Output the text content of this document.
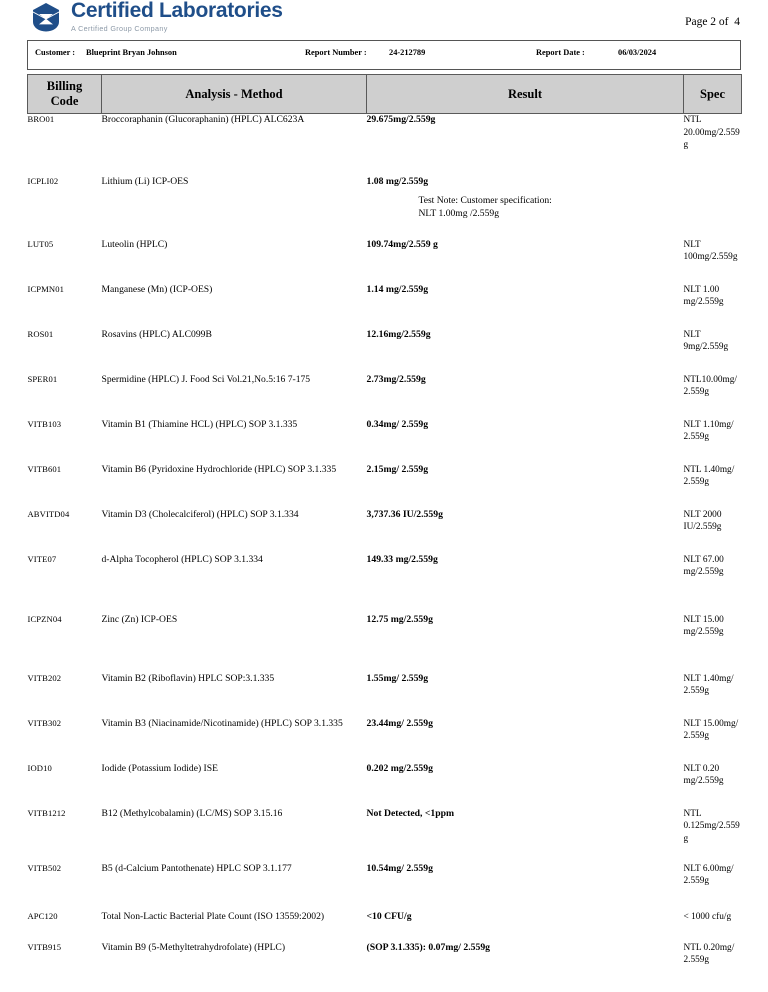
Certified Laboratories
A Certified Group Company
Page 2 of  4
Customer : Blueprint Bryan Johnson	Report Number :	24-212789	Report Date :	06/03/2024
Billing
Code	Analysis - Method	Result	Spec
BRO01	Broccoraphanin (Glucoraphanin) (HPLC) ALC623A	29.675mg/2.559g	NTL 20.00mg/2.559g
ICPLI02	Lithium (Li) ICP-OES	1.08 mg/2.559g
Test Note: Customer specification:
NLT 1.00mg /2.559g	

LUT05	Luteolin (HPLC)	109.74mg/2.559 g	NLT 100mg/2.559g
ICPMN01	Manganese (Mn) (ICP-OES)	1.14 mg/2.559g	NLT 1.00 mg/2.559g
ROS01	Rosavins (HPLC) ALC099B	12.16mg/2.559g	NLT 9mg/2.559g
SPER01	Spermidine (HPLC) J. Food Sci Vol.21,No.5:16 7-175	2.73mg/2.559g	NTL10.00mg/2.559g
VITB103	Vitamin B1 (Thiamine HCL) (HPLC) SOP 3.1.335	0.34mg/ 2.559g	NLT 1.10mg/ 2.559g
VITB601	Vitamin B6 (Pyridoxine Hydrochloride (HPLC) SOP 3.1.335	2.15mg/ 2.559g	NTL 1.40mg/ 2.559g
ABVITD04	Vitamin D3 (Cholecalciferol) (HPLC) SOP 3.1.334	3,737.36 IU/2.559g	NLT 2000 IU/2.559g
VITE07	d-Alpha Tocopherol (HPLC) SOP 3.1.334	149.33 mg/2.559g	NLT 67.00 mg/2.559g
ICPZN04	Zinc (Zn) ICP-OES	12.75 mg/2.559g	NLT 15.00 mg/2.559g
VITB202	Vitamin B2 (Riboflavin) HPLC SOP:3.1.335	1.55mg/ 2.559g	NLT 1.40mg/ 2.559g
VITB302	Vitamin B3 (Niacinamide/Nicotinamide) (HPLC) SOP 3.1.335	23.44mg/ 2.559g	NLT 15.00mg/ 2.559g
IOD10	Iodide (Potassium Iodide) ISE	0.202 mg/2.559g	NLT 0.20 mg/2.559g
VITB1212	B12 (Methylcobalamin) (LC/MS) SOP 3.15.16	Not Detected, <1ppm	NTL 0.125mg/2.559g
VITB502	B5 (d-Calcium Pantothenate) HPLC SOP 3.1.177	10.54mg/ 2.559g	NLT 6.00mg/ 2.559g
APC120	Total Non-Lactic Bacterial Plate Count (ISO 13559:2002)	<10 CFU/g	< 1000 cfu/g
VITB915	Vitamin B9 (5-Methyltetrahydrofolate) (HPLC)	(SOP 3.1.335): 0.07mg/ 2.559g	NTL 0.20mg/ 2.559g
